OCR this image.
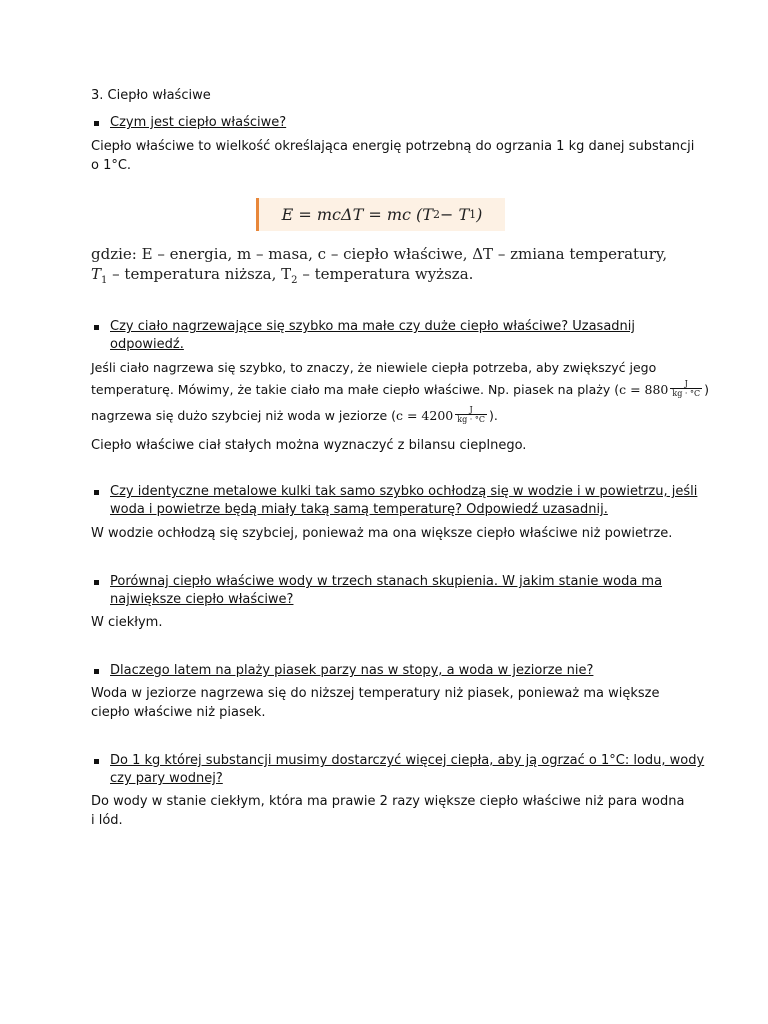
3. Ciepło właściwe
Czym jest ciepło właściwe?
Ciepło właściwe to wielkość określająca energię potrzebną do ogrzania 1 kg danej substancji
o 1°C.
E = mcΔT = mc (T 2 − T 1 )
gdzie: E – energia, m – masa, c – ciepło właściwe, ΔT – zmiana temperatury,
$T_1$ – temperatura niższa, $T_2$ – temperatura wyższa.
Czy ciało nagrzewające się szybko ma małe czy duże ciepło właściwe? Uzasadnij
odpowiedź.
Jeśli ciało nagrzewa się szybko, to znaczy, że niewiele ciepła potrzeba, aby zwiększyć jego
temperaturę. Mówimy, że takie ciało ma małe ciepło właściwe. Np. piasek na plaży ($c = 880 \frac{J}{kg \cdot ^\circ C}$ )
nagrzewa się dużo szybciej niż woda w jeziorze ($c = 4200 \frac{J}{kg \cdot ^\circ C}$ ).
Ciepło właściwe ciał stałych można wyznaczyć z bilansu cieplnego.
Czy identyczne metalowe kulki tak samo szybko ochłodzą się w wodzie i w powietrzu, jeśli
woda i powietrze będą miały taką samą temperaturę? Odpowiedź uzasadnij.
W wodzie ochłodzą się szybciej, ponieważ ma ona większe ciepło właściwe niż powietrze.
Porównaj ciepło właściwe wody w trzech stanach skupienia. W jakim stanie woda ma
największe ciepło właściwe?
W ciekłym.
Dlaczego latem na plaży piasek parzy nas w stopy, a woda w jeziorze nie?
Woda w jeziorze nagrzewa się do niższej temperatury niż piasek, ponieważ ma większe
ciepło właściwe niż piasek.
Do 1 kg której substancji musimy dostarczyć więcej ciepła, aby ją ogrzać o 1°C: lodu, wody
czy pary wodnej?
Do wody w stanie ciekłym, która ma prawie 2 razy większe ciepło właściwe niż para wodna
i lód.
